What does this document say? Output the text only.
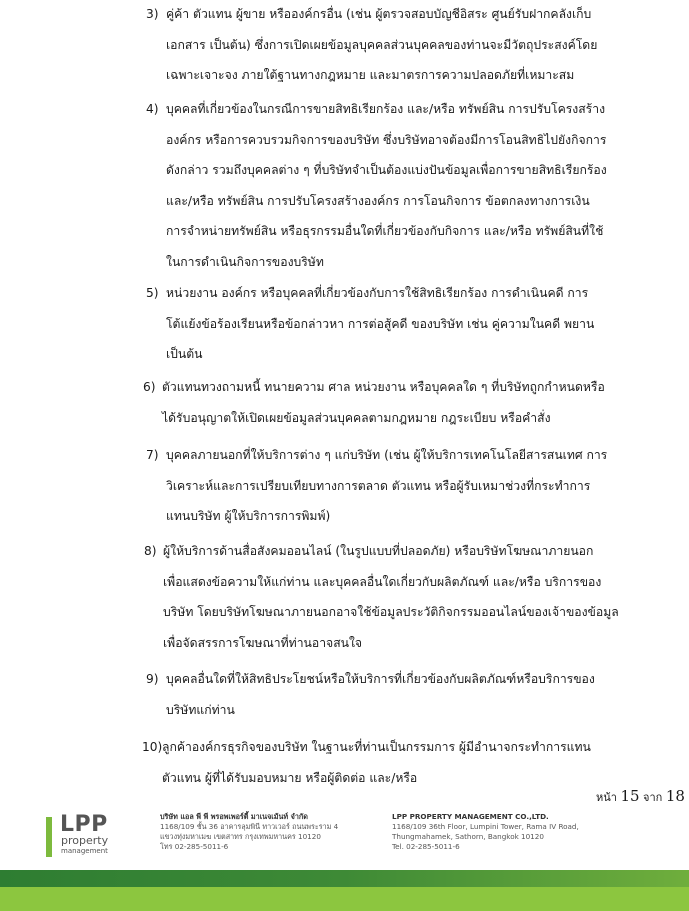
3) คู่ค้า ตัวแทน ผู้ขาย หรือองค์กรอื่น (เช่น ผู้ตรวจสอบบัญชีอิสระ ศูนย์รับฝากคลังเก็บ
เอกสาร เป็นต้น) ซึ่งการเปิดเผยข้อมูลบุคคลส่วนบุคคลของท่านจะมีวัตถุประสงค์โดย
เฉพาะเจาะจง ภายใต้ฐานทางกฎหมาย และมาตรการความปลอดภัยที่เหมาะสม
4) บุคคลที่เกี่ยวข้องในกรณีการขายสิทธิเรียกร้อง และ/หรือ ทรัพย์สิน การปรับโครงสร้าง
องค์กร หรือการควบรวมกิจการของบริษัท ซึ่งบริษัทอาจต้องมีการโอนสิทธิไปยังกิจการ
ดังกล่าว รวมถึงบุคคลต่าง ๆ ที่บริษัทจำเป็นต้องแบ่งปันข้อมูลเพื่อการขายสิทธิเรียกร้อง
และ/หรือ ทรัพย์สิน การปรับโครงสร้างองค์กร การโอนกิจการ ข้อตกลงทางการเงิน
การจำหน่ายทรัพย์สิน หรือธุรกรรมอื่นใดที่เกี่ยวข้องกับกิจการ และ/หรือ ทรัพย์สินที่ใช้
ในการดำเนินกิจการของบริษัท
5) หน่วยงาน องค์กร หรือบุคคลที่เกี่ยวข้องกับการใช้สิทธิเรียกร้อง การดำเนินคดี การ
โต้แย้งข้อร้องเรียนหรือข้อกล่าวหา การต่อสู้คดี ของบริษัท เช่น คู่ความในคดี พยาน
เป็นต้น
6) ตัวแทนทวงถามหนี้ ทนายความ ศาล หน่วยงาน หรือบุคคลใด ๆ ที่บริษัทถูกกำหนดหรือ
ได้รับอนุญาตให้เปิดเผยข้อมูลส่วนบุคคลตามกฎหมาย กฎระเบียบ หรือคำสั่ง
7) บุคคลภายนอกที่ให้บริการต่าง ๆ แก่บริษัท (เช่น ผู้ให้บริการเทคโนโลยีสารสนเทศ การ
วิเคราะห์และการเปรียบเทียบทางการตลาด ตัวแทน หรือผู้รับเหมาช่วงที่กระทำการ
แทนบริษัท ผู้ให้บริการการพิมพ์)
8) ผู้ให้บริการด้านสื่อสังคมออนไลน์ (ในรูปแบบที่ปลอดภัย) หรือบริษัทโฆษณาภายนอก
เพื่อแสดงข้อความให้แก่ท่าน และบุคคลอื่นใดเกี่ยวกับผลิตภัณฑ์ และ/หรือ บริการของ
บริษัท โดยบริษัทโฆษณาภายนอกอาจใช้ข้อมูลประวัติกิจกรรมออนไลน์ของเจ้าของข้อมูล
เพื่อจัดสรรการโฆษณาที่ท่านอาจสนใจ
9) บุคคลอื่นใดที่ให้สิทธิประโยชน์หรือให้บริการที่เกี่ยวข้องกับผลิตภัณฑ์หรือบริการของ
บริษัทแก่ท่าน
10) ลูกค้าองค์กรธุรกิจของบริษัท ในฐานะที่ท่านเป็นกรรมการ ผู้มีอำนาจกระทำการแทน
ตัวแทน ผู้ที่ได้รับมอบหมาย หรือผู้ติดต่อ และ/หรือ
หน้า 15 จาก 18
LPP
property
management
บริษัท แอล พี พี พรอพเพอร์ตี้ มาเนจเม้นท์ จำกัด
1168/109 ชั้น 36 อาคารลุมพินี ทาวเวอร์ ถนนพระราม 4
แขวงทุ่งมหาเมฆ เขตสาทร กรุงเทพมหานคร 10120
โทร 02-285-5011-6
LPP PROPERTY MANAGEMENT CO.,LTD.
1168/109 36th Floor, Lumpini Tower, Rama IV Road,
Thungmahamek, Sathorn, Bangkok 10120
Tel. 02-285-5011-6
